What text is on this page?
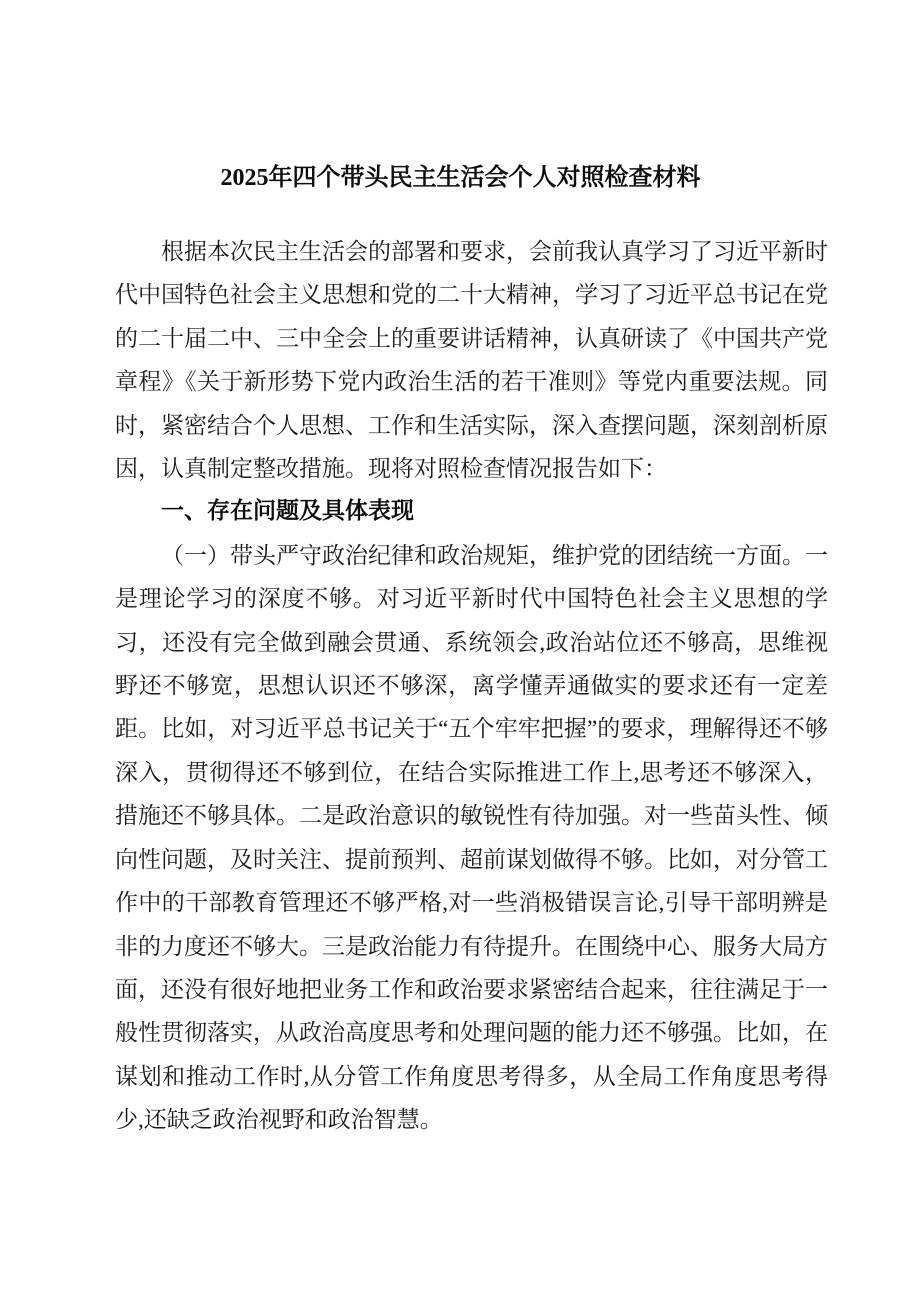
2025年四个带头民主生活会个人对照检查材料

根据本次民主生活会的部署和要求，会前我认真学习了习近平新时代中国特色社会主义思想和党的二十大精神，学习了习近平总书记在党的二十届二中、三中全会上的重要讲话精神，认真研读了《中国共产党章程》《关于新形势下党内政治生活的若干准则》等党内重要法规。同时，紧密结合个人思想、工作和生活实际，深入查摆问题，深刻剖析原因，认真制定整改措施。现将对照检查情况报告如下：

一、存在问题及具体表现

（一）带头严守政治纪律和政治规矩，维护党的团结统一方面。一是理论学习的深度不够。对习近平新时代中国特色社会主义思想的学习，还没有完全做到融会贯通、系统领会,政治站位还不够高，思维视野还不够宽，思想认识还不够深，离学懂弄通做实的要求还有一定差距。比如，对习近平总书记关于“五个牢牢把握”的要求，理解得还不够深入，贯彻得还不够到位，在结合实际推进工作上,思考还不够深入，措施还不够具体。二是政治意识的敏锐性有待加强。对一些苗头性、倾向性问题，及时关注、提前预判、超前谋划做得不够。比如，对分管工作中的干部教育管理还不够严格,对一些消极错误言论,引导干部明辨是非的力度还不够大。三是政治能力有待提升。在围绕中心、服务大局方面，还没有很好地把业务工作和政治要求紧密结合起来，往往满足于一般性贯彻落实，从政治高度思考和处理问题的能力还不够强。比如，在谋划和推动工作时,从分管工作角度思考得多，从全局工作角度思考得少,还缺乏政治视野和政治智慧。
